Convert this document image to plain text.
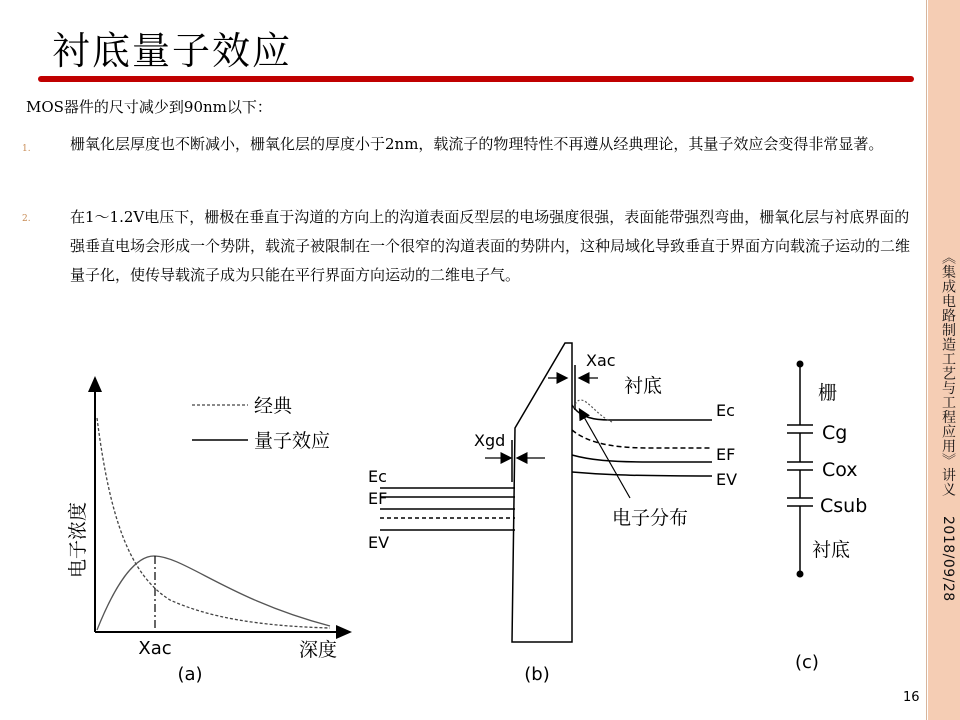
《集成电路制造工艺与工程应用》讲义    2018/09/28
衬底量子效应
MOS器件的尺寸减少到90nm以下：
1.	栅氧化层厚度也不断减小，栅氧化层的厚度小于2nm，载流子的物理特性不再遵从经典理论，其量子效应会变得非常显著。
2.	在1～1.2V电压下，栅极在垂直于沟道的方向上的沟道表面反型层的电场强度很强，表面能带强烈弯曲，栅氧化层与衬底界面的强垂直电场会形成一个势阱，载流子被限制在一个很窄的沟道表面的势阱内，这种局域化导致垂直于界面方向载流子运动的二维量子化，使传导载流子成为只能在平行界面方向运动的二维电子气。
16
电子浓度
Xac	深度
(a)
经典
量子效应
Ec
EF
EV
Xgd
Xac
衬底
Ec
EF
EV
电子分布
(b)
栅
Cg
Cox
Csub
衬底
(c)
